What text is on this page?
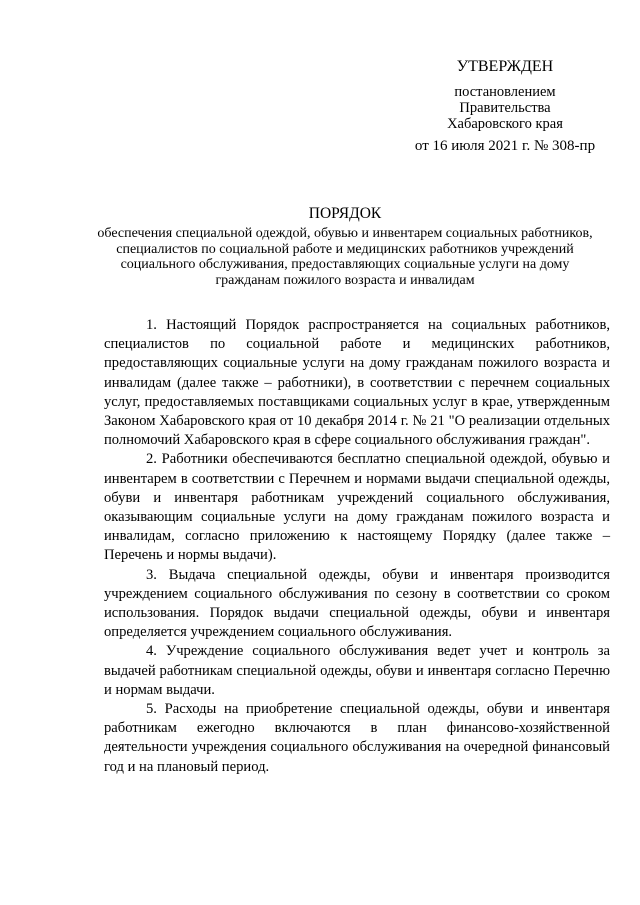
УТВЕРЖДЕН
постановлением
Правительства
Хабаровского края
от 16 июля 2021 г. № 308-пр
ПОРЯДОК
обеспечения специальной одеждой, обувью и инвентарем социальных работников, специалистов по социальной работе и медицинских работников учреждений социального обслуживания, предоставляющих социальные услуги на дому гражданам пожилого возраста и инвалидам

1. Настоящий Порядок распространяется на социальных работников, специалистов по социальной работе и медицинских работников, предоставляющих социальные услуги на дому гражданам пожилого возраста и инвалидам (далее также – работники), в соответствии с перечнем социальных услуг, предоставляемых поставщиками социальных услуг в крае, утвержденным Законом Хабаровского края от 10 декабря 2014 г. № 21 "О реализации отдельных полномочий Хабаровского края в сфере социального обслуживания граждан".

2. Работники обеспечиваются бесплатно специальной одеждой, обувью и инвентарем в соответствии с Перечнем и нормами выдачи специальной одежды, обуви и инвентаря работникам учреждений социального обслуживания, оказывающим социальные услуги на дому гражданам пожилого возраста и инвалидам, согласно приложению к настоящему Порядку (далее также – Перечень и нормы выдачи).

3. Выдача специальной одежды, обуви и инвентаря производится учреждением социального обслуживания по сезону в соответствии со сроком использования. Порядок выдачи специальной одежды, обуви и инвентаря определяется учреждением социального обслуживания.

4. Учреждение социального обслуживания ведет учет и контроль за выдачей работникам специальной одежды, обуви и инвентаря согласно Перечню и нормам выдачи.

5. Расходы на приобретение специальной одежды, обуви и инвентаря работникам ежегодно включаются в план финансово-хозяйственной деятельности учреждения социального обслуживания на очередной финансовый год и на плановый период.
